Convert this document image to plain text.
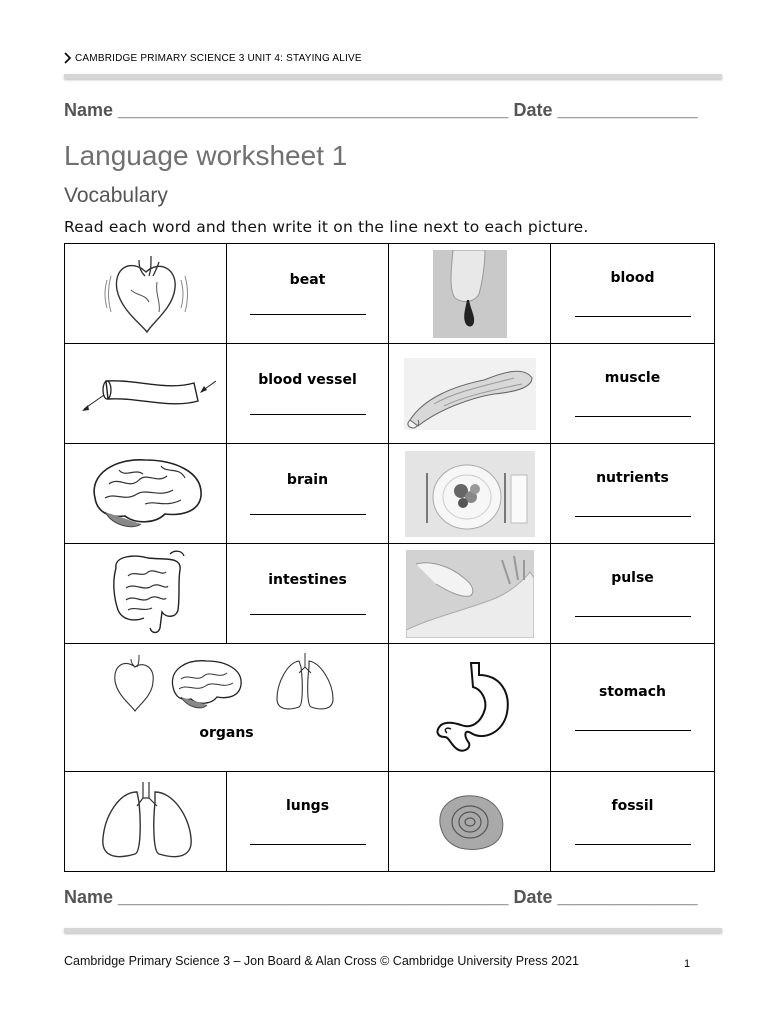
CAMBRIDGE PRIMARY SCIENCE 3 UNIT 4: STAYING ALIVE
Name _______________________________________ Date ______________
Language worksheet 1
Vocabulary
Read each word and then write it on the line next to each picture.

beat		blood

blood vessel		muscle

brain		nutrients

intestines		pulse

organs			stomach

lungs		fossil
Name _______________________________________ Date ______________
Cambridge Primary Science 3 – Jon Board & Alan Cross © Cambridge University Press 2021	1
